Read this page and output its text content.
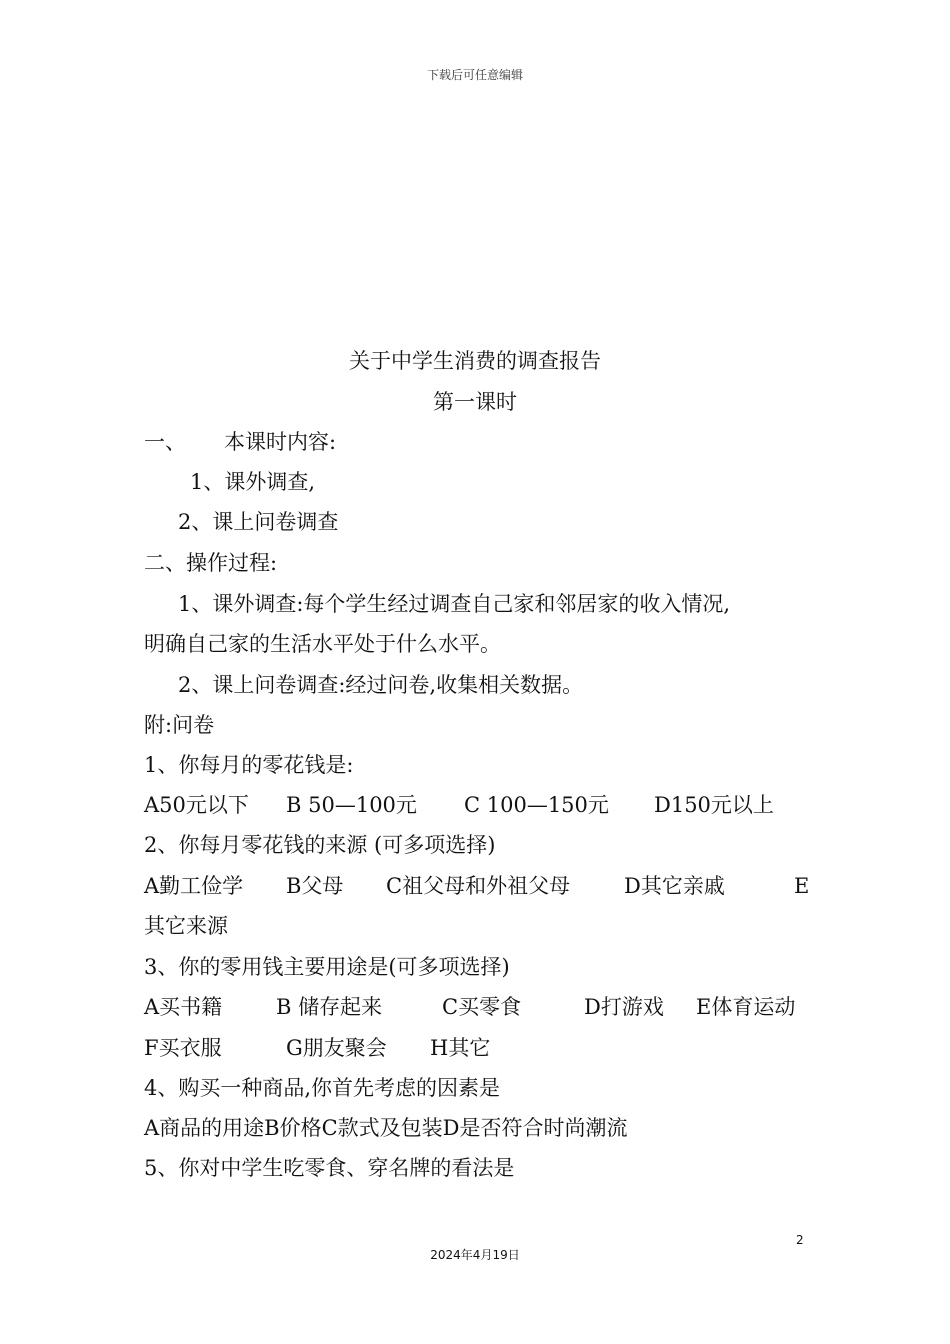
下载后可任意编辑
关于中学生消费的调查报告
第一课时
一、 本课时内容:
1、课外调查,
2、课上问卷调查
二、操作过程:
1、课外调查:每个学生经过调查自己家和邻居家的收入情况,
明确自己家的生活水平处于什么水平。
2、课上问卷调查:经过问卷,收集相关数据。
附:问卷
1、你每月的零花钱是:
A50元以下 B 50—100元 C 100—150元 D150元以上
2、你每月零花钱的来源 (可多项选择)
A勤工俭学 B父母 C祖父母和外祖父母	D其它亲戚	E
其它来源
3、你的零用钱主要用途是(可多项选择)
A买书籍	B 储存起来	C买零食	D打游戏 E体育运动
F买衣服	G朋友聚会 H其它
4、购买一种商品,你首先考虑的因素是
A商品的用途B价格C款式及包装D是否符合时尚潮流
5、你对中学生吃零食、穿名牌的看法是
2
2024年4月19日
